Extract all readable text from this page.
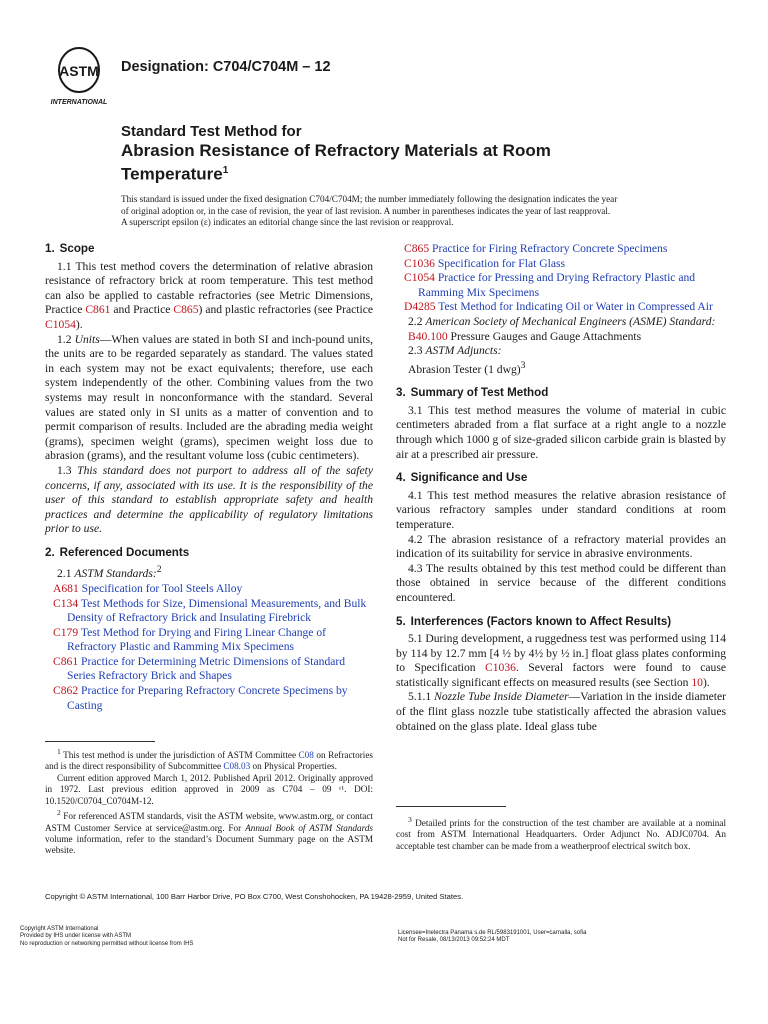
ASTM
INTERNATIONAL
Designation: C704/C704M – 12
Standard Test Method for
Abrasion Resistance of Refractory Materials at Room
Temperature$^1$
This standard is issued under the fixed designation C704/C704M; the number immediately following the designation indicates the year
of original adoption or, in the case of revision, the year of last revision. A number in parentheses indicates the year of last reapproval.
A superscript epsilon (ε) indicates an editorial change since the last revision or reapproval.
1. Scope

1.1 This test method covers the determination of relative abrasion resistance of refractory brick at room temperature. This test method can also be applied to castable refractories (see Metric Dimensions, Practice C861 and Practice C865) and plastic refractories (see Practice C1054).

1.2 Units—When values are stated in both SI and inch-pound units, the units are to be regarded separately as standard. The values stated in each system may not be exact equivalents; therefore, use each system independently of the other. Combining values from the two systems may result in nonconformance with the standard. Several values are stated only in SI units as a matter of convention and to permit comparison of results. Included are the abrading media weight (grams), specimen weight (grams), specimen weight loss due to abrasion (grams), and the resultant volume loss (cubic centimeters).

1.3 This standard does not purport to address all of the safety concerns, if any, associated with its use. It is the responsibility of the user of this standard to establish appropriate safety and health practices and determine the applicability of regulatory limitations prior to use.

2. Referenced Documents

2.1 ASTM Standards:$^2$

A681 Specification for Tool Steels Alloy

C134 Test Methods for Size, Dimensional Measurements, and Bulk Density of Refractory Brick and Insulating Firebrick

C179 Test Method for Drying and Firing Linear Change of Refractory Plastic and Ramming Mix Specimens

C861 Practice for Determining Metric Dimensions of Standard Series Refractory Brick and Shapes

C862 Practice for Preparing Refractory Concrete Specimens by Casting

C865 Practice for Firing Refractory Concrete Specimens

C1036 Specification for Flat Glass

C1054 Practice for Pressing and Drying Refractory Plastic and Ramming Mix Specimens

D4285 Test Method for Indicating Oil or Water in Compressed Air

2.2 American Society of Mechanical Engineers (ASME) Standard:

B40.100 Pressure Gauges and Gauge Attachments

2.3 ASTM Adjuncts:

Abrasion Tester (1 dwg)$^3$

3. Summary of Test Method

3.1 This test method measures the volume of material in cubic centimeters abraded from a flat surface at a right angle to a nozzle through which 1000 g of size-graded silicon carbide grain is blasted by air at a prescribed air pressure.

4. Significance and Use

4.1 This test method measures the relative abrasion resistance of various refractory samples under standard conditions at room temperature.

4.2 The abrasion resistance of a refractory material provides an indication of its suitability for service in abrasive environments.

4.3 The results obtained by this test method could be different than those obtained in service because of the different conditions encountered.

5. Interferences (Factors known to Affect Results)

5.1 During development, a ruggedness test was performed using 114 by 114 by 12.7 mm [4 ½ by 4½ by ½ in.] float glass plates conforming to Specification C1036. Several factors were found to cause statistically significant effects on measured results (see Section 10).

5.1.1 Nozzle Tube Inside Diameter—Variation in the inside diameter of the flint glass nozzle tube statistically affected the abrasion values obtained on the glass plate. Ideal glass tube

$^1$ This test method is under the jurisdiction of ASTM Committee C08 on Refractories and is the direct responsibility of Subcommittee C08.03 on Physical Properties.

Current edition approved March 1, 2012. Published April 2012. Originally approved in 1972. Last previous edition approved in 2009 as C704 – 09 ᵋ¹. DOI: 10.1520/C0704_C0704M-12.

$^2$ For referenced ASTM standards, visit the ASTM website, www.astm.org, or contact ASTM Customer Service at service@astm.org. For Annual Book of ASTM Standards volume information, refer to the standard’s Document Summary page on the ASTM website.

$^3$ Detailed prints for the construction of the test chamber are available at a nominal cost from ASTM International Headquarters. Order Adjunct No. ADJC0704. An acceptable test chamber can be made from a weatherproof electrical switch box.

Copyright © ASTM International, 100 Barr Harbor Drive, PO Box C700, West Conshohocken, PA 19428-2959, United States.
Copyright ASTM International
Provided by IHS under license with ASTM
No reproduction or networking permitted without license from IHS
Licensee=Inelectra Panama s.de RL/5983191001, User=carnalla, sofia
Not for Resale, 08/13/2013 09:52:24 MDT
